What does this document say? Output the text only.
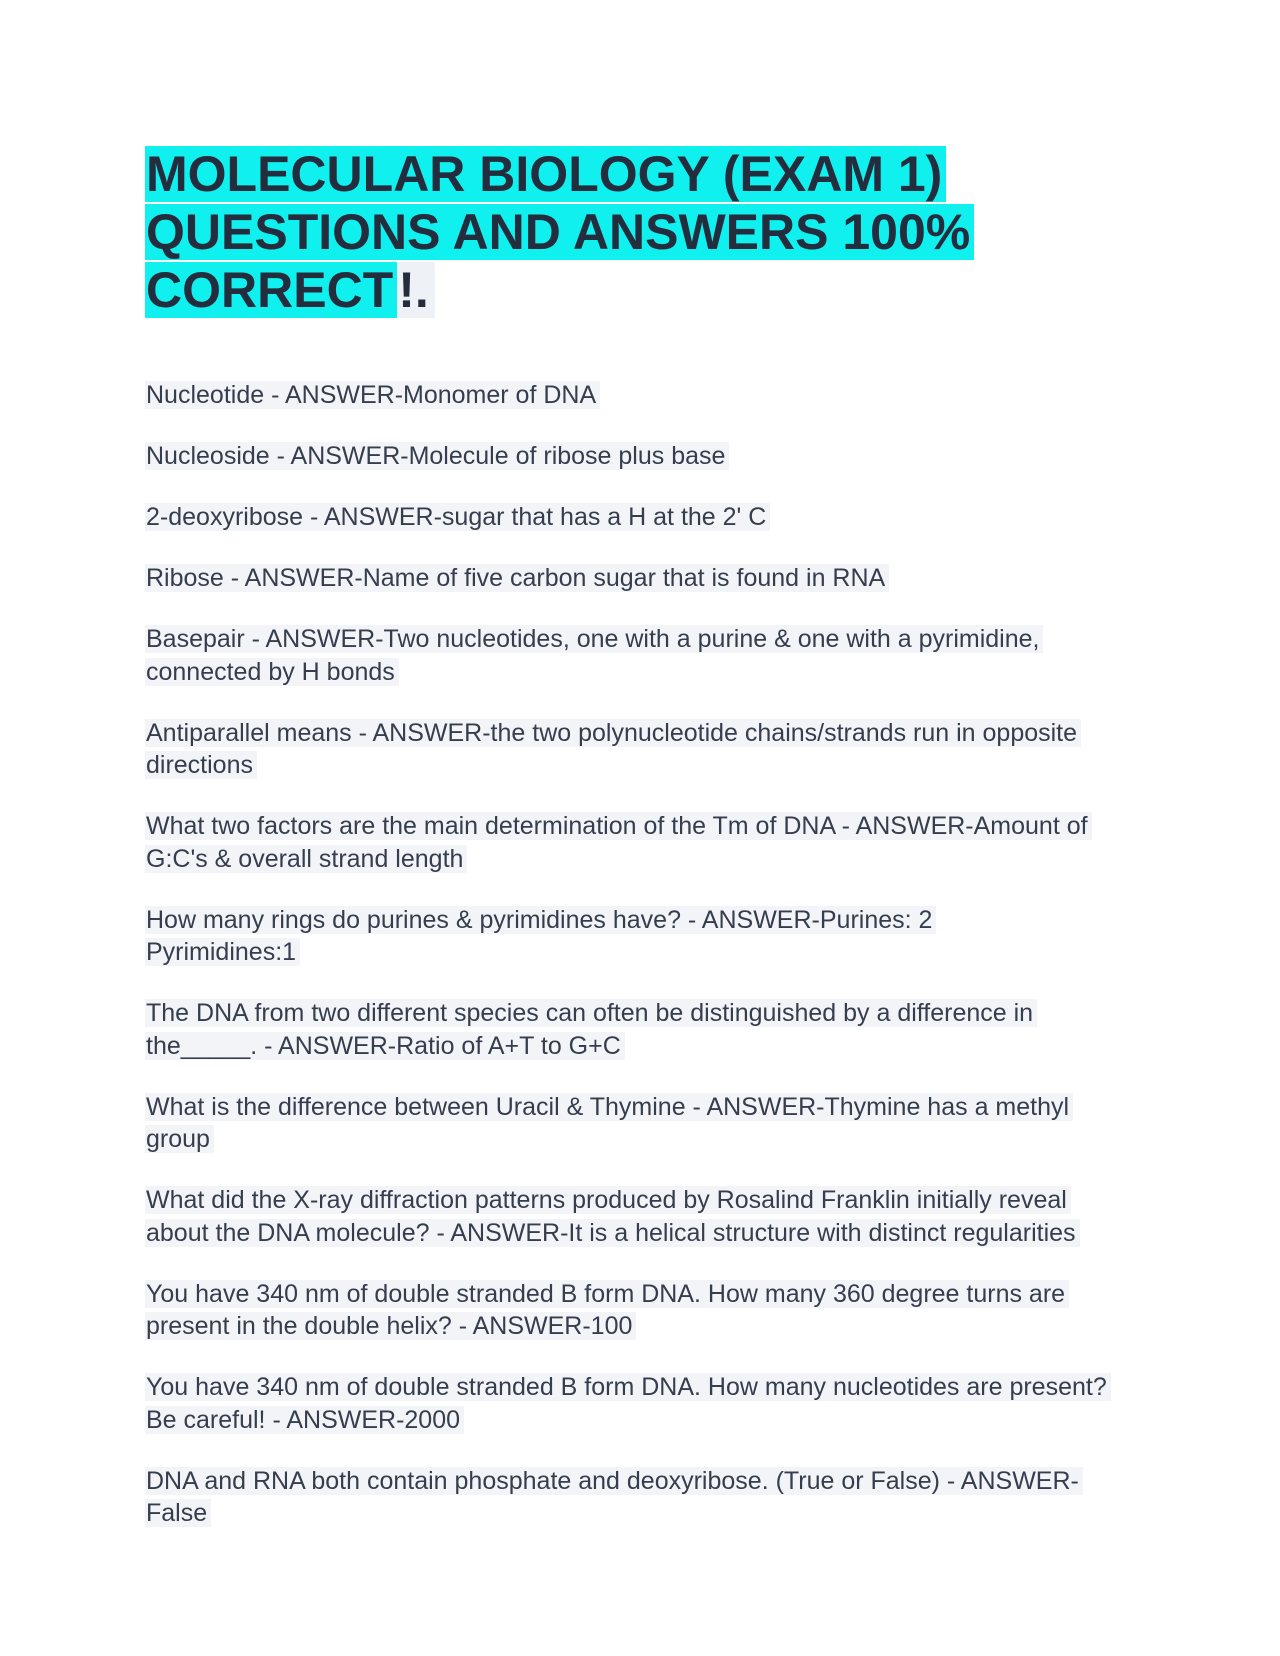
MOLECULAR BIOLOGY (EXAM 1)
QUESTIONS AND ANSWERS 100%
CORRECT !.

Nucleotide - ANSWER-Monomer of DNA

Nucleoside - ANSWER-Molecule of ribose plus base

2-deoxyribose - ANSWER-sugar that has a H at the 2' C

Ribose - ANSWER-Name of five carbon sugar that is found in RNA

Basepair - ANSWER-Two nucleotides, one with a purine & one with a pyrimidine,
connected by H bonds

Antiparallel means - ANSWER-the two polynucleotide chains/strands run in opposite
directions

What two factors are the main determination of the Tm of DNA - ANSWER-Amount of
G:C's & overall strand length

How many rings do purines & pyrimidines have? - ANSWER-Purines: 2
Pyrimidines:1

The DNA from two different species can often be distinguished by a difference in
the_____. - ANSWER-Ratio of A+T to G+C

What is the difference between Uracil & Thymine - ANSWER-Thymine has a methyl
group

What did the X-ray diffraction patterns produced by Rosalind Franklin initially reveal
about the DNA molecule? - ANSWER-It is a helical structure with distinct regularities

You have 340 nm of double stranded B form DNA. How many 360 degree turns are
present in the double helix? - ANSWER-100

You have 340 nm of double stranded B form DNA. How many nucleotides are present?
Be careful! - ANSWER-2000

DNA and RNA both contain phosphate and deoxyribose. (True or False) - ANSWER-
False
